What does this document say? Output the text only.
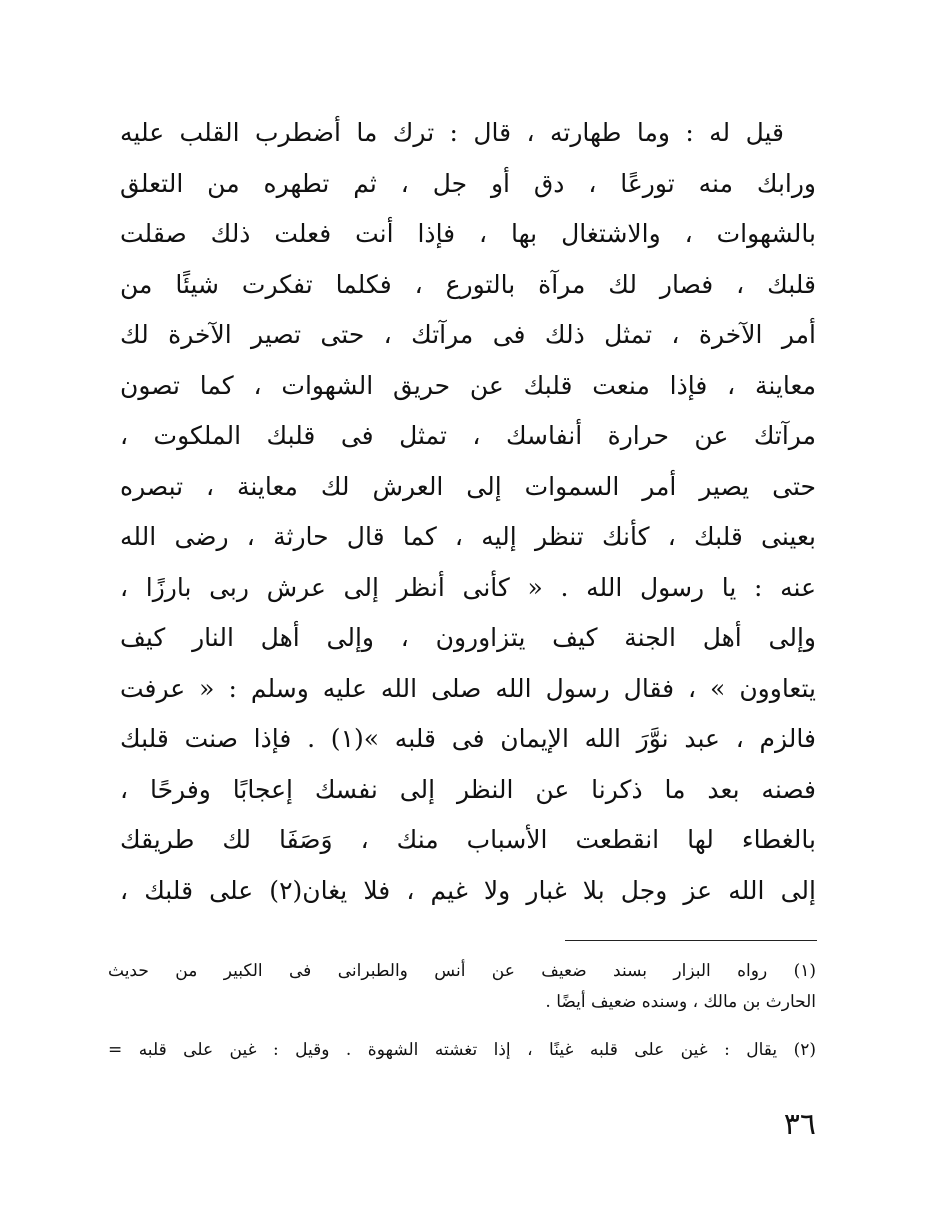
قيل له : وما طهارته ، قال : ترك ما أضطرب القلب عليه
ورابك منه تورعًا ، دق أو جل ، ثم تطهره من التعلق
بالشهوات ، والاشتغال بها ، فإذا أنت فعلت ذلك صقلت
قلبك ، فصار لك مرآة بالتورع ، فكلما تفكرت شيئًا من
أمر الآخرة ، تمثل ذلك فى مرآتك ، حتى تصير الآخرة لك
معاينة ، فإذا منعت قلبك عن حريق الشهوات ، كما تصون
مرآتك عن حرارة أنفاسك ، تمثل فى قلبك الملكوت ،
حتى يصير أمر السموات إلى العرش لك معاينة ، تبصره
بعينى قلبك ، كأنك تنظر إليه ، كما قال حارثة ، رضى الله
عنه : يا رسول الله . « كأنى أنظر إلى عرش ربى بارزًا ،
وإلى أهل الجنة كيف يتزاورون ، وإلى أهل النار كيف
يتعاوون » ، فقال رسول الله صلى الله عليه وسلم : « عرفت
فالزم ، عبد نوَّرَ الله الإيمان فى قلبه »(١) . فإذا صنت قلبك
فصنه بعد ما ذكرنا عن النظر إلى نفسك إعجابًا وفرحًا ،
بالغطاء لها انقطعت الأسباب منك ، وَصَفَا لك طريقك
إلى الله عز وجل بلا غبار ولا غيم ، فلا يغان(٢) على قلبك ،
(١) رواه البزار بسند ضعيف عن أنس والطبرانى فى الكبير من حديث
الحارث بن مالك ، وسنده ضعيف أيضًا .
(٢) يقال : غين على قلبه غينًا ، إذا تغشته الشهوة . وقيل : غين على قلبه =
٣٦
